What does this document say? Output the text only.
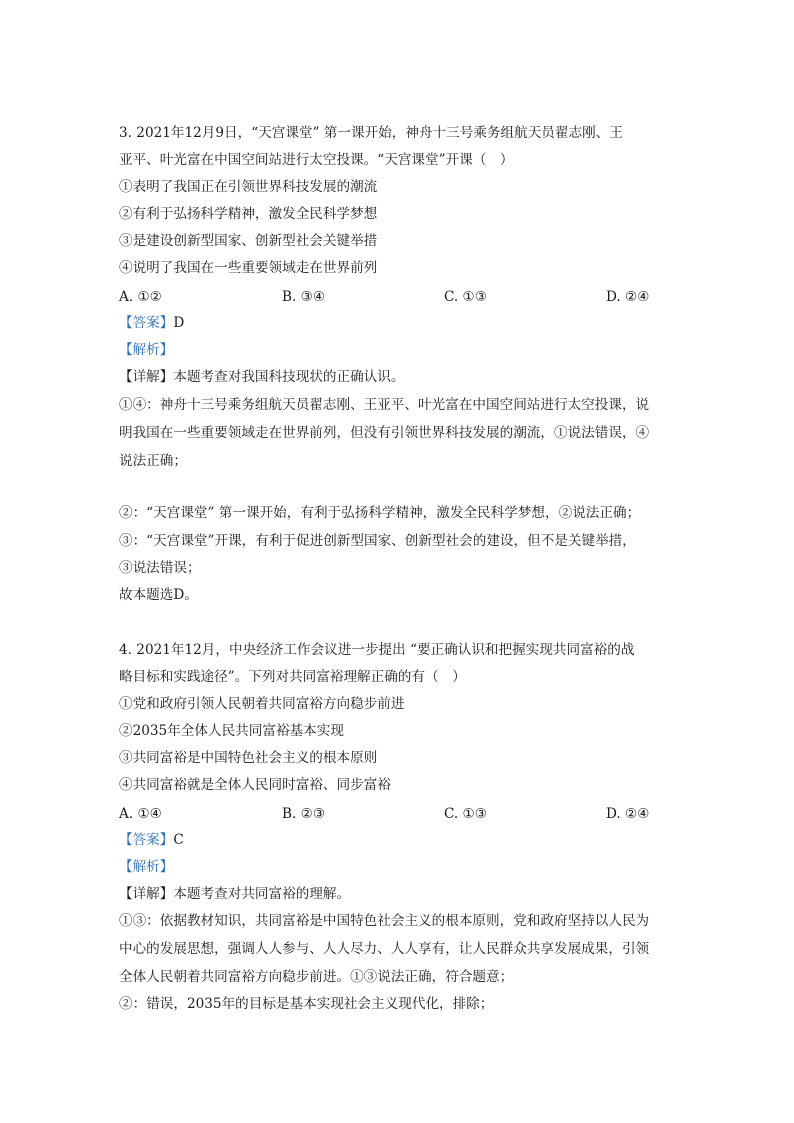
3. 2021年12月9日，“天宫课堂” 第一课开始，神舟十三号乘务组航天员翟志刚、王
亚平、叶光富在中国空间站进行太空投课。“天宫课堂”开课（　）
①表明了我国正在引领世界科技发展的潮流
②有利于弘扬科学精神，激发全民科学梦想
③是建设创新型国家、创新型社会关键举措
④说明了我国在一些重要领域走在世界前列
A. ①②	B. ③④	C. ①③	D. ②④
【答案】D
【解析】
【详解】本题考查对我国科技现状的正确认识。
①④：神舟十三号乘务组航天员翟志刚、王亚平、叶光富在中国空间站进行太空投课，说
明我国在一些重要领域走在世界前列，但没有引领世界科技发展的潮流，①说法错误，④
说法正确；
②：“天宫课堂” 第一课开始，有利于弘扬科学精神，激发全民科学梦想，②说法正确；
③：“天宫课堂”开课，有利于促进创新型国家、创新型社会的建设，但不是关键举措，
③说法错误；
故本题选D。
4. 2021年12月，中央经济工作会议进一步提出 “要正确认识和把握实现共同富裕的战
略目标和实践途径”。下列对共同富裕理解正确的有（　）
①党和政府引领人民朝着共同富裕方向稳步前进
②2035年全体人民共同富裕基本实现
③共同富裕是中国特色社会主义的根本原则
④共同富裕就是全体人民同时富裕、同步富裕
A. ①④	B. ②③	C. ①③	D. ②④
【答案】C
【解析】
【详解】本题考查对共同富裕的理解。
①③：依据教材知识，共同富裕是中国特色社会主义的根本原则，党和政府坚持以人民为
中心的发展思想，强调人人参与、人人尽力、人人享有，让人民群众共享发展成果，引领
全体人民朝着共同富裕方向稳步前进。①③说法正确，符合题意；
②：错误，2035年的目标是基本实现社会主义现代化，排除；
